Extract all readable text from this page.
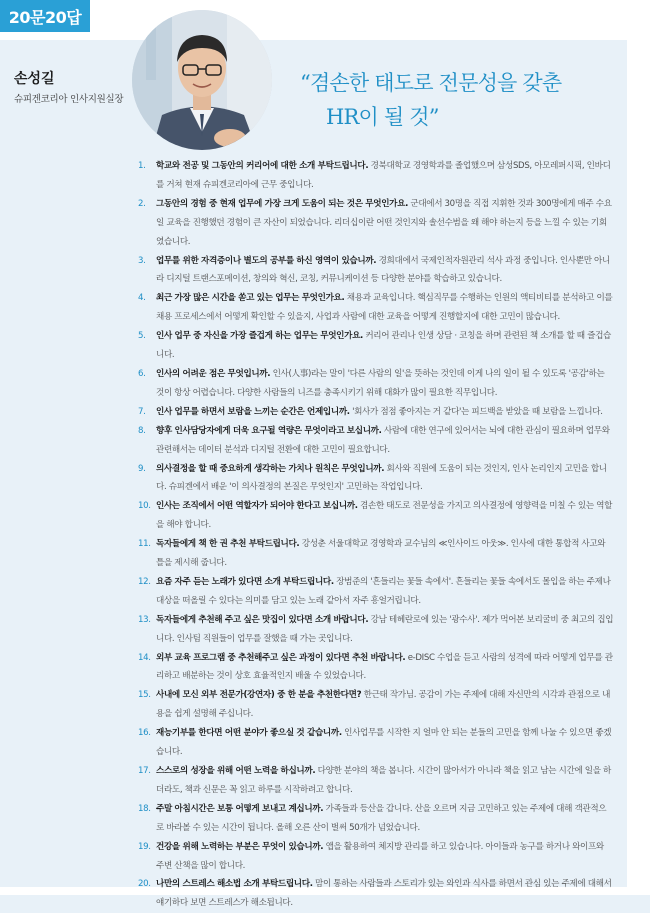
20문20답
손성길
슈피겐코리아 인사지원실장
“겸손한 태도로 전문성을 갖춘
HR이 될 것”
1.	학교와 전공 및 그동안의 커리어에 대한 소개 부탁드립니다. 경북대학교 경영학과를 졸업했으며 삼성SDS, 아모레퍼시픽, 인바디를 거쳐 현재 슈피겐코리아에 근무 중입니다.
2.	그동안의 경험 중 현재 업무에 가장 크게 도움이 되는 것은 무엇인가요. 군대에서 30명을 직접 지휘한 것과 300명에게 매주 수요일 교육을 진행했던 경험이 큰 자산이 되었습니다. 리더십이란 어떤 것인지와 솔선수범을 왜 해야 하는지 등을 느낄 수 있는 기회였습니다.
3.	업무를 위한 자격증이나 별도의 공부를 하신 영역이 있습니까. 경희대에서 국제인적자원관리 석사 과정 중입니다. 인사뿐만 아니라 디지털 트랜스포메이션, 창의와 혁신, 코칭, 커뮤니케이션 등 다양한 분야를 학습하고 있습니다.
4.	최근 가장 많은 시간을 쏟고 있는 업무는 무엇인가요. 채용과 교육입니다. 핵심직무를 수행하는 인원의 액티비티를 분석하고 이를 채용 프로세스에서 어떻게 확인할 수 있을지, 사업과 사람에 대한 교육을 어떻게 진행할지에 대한 고민이 많습니다.
5.	인사 업무 중 자신을 가장 즐겁게 하는 업무는 무엇인가요. 커리어 관리나 인생 상담 · 코칭을 하며 관련된 책 소개를 할 때 즐겁습니다.
6.	인사의 어려운 점은 무엇입니까. 인사(人事)라는 말이 '다른 사람의 일'을 뜻하는 것인데 이게 나의 일이 될 수 있도록 '공감'하는 것이 항상 어렵습니다. 다양한 사람들의 니즈를 충족시키기 위해 대화가 많이 필요한 직무입니다.
7.	인사 업무를 하면서 보람을 느끼는 순간은 언제입니까. '회사가 점점 좋아지는 거 같다'는 피드백을 받았을 때 보람을 느낍니다.
8.	향후 인사담당자에게 더욱 요구될 역량은 무엇이라고 보십니까. 사람에 대한 연구에 있어서는 뇌에 대한 관심이 필요하며 업무와 관련해서는 데이터 분석과 디지털 전환에 대한 고민이 필요합니다.
9.	의사결정을 할 때 중요하게 생각하는 가치나 원칙은 무엇입니까. 회사와 직원에 도움이 되는 것인지, 인사 논리인지 고민을 합니다. 슈피겐에서 배운 '이 의사결정의 본질은 무엇인지' 고민하는 작업입니다.
10. 인사는 조직에서 어떤 역할자가 되어야 한다고 보십니까. 겸손한 태도로 전문성을 가지고 의사결정에 영향력을 미칠 수 있는 역할을 해야 합니다.
11. 독자들에게 책 한 권 추천 부탁드립니다. 강성춘 서울대학교 경영학과 교수님의 ≪인사이드 아웃≫. 인사에 대한 통합적 사고와 틀을 제시해 줍니다.
12. 요즘 자주 듣는 노래가 있다면 소개 부탁드립니다. 장범준의 '흔들리는 꽃들 속에서'. 흔들리는 꽃들 속에서도 몰입을 하는 주제나 대상을 떠올릴 수 있다는 의미를 담고 있는 노래 같아서 자주 흥얼거립니다.
13. 독자들에게 추천해 주고 싶은 맛집이 있다면 소개 바랍니다. 강남 테헤란로에 있는 '광수사'. 제가 먹어본 보리굴비 중 최고의 집입니다. 인사팀 직원들이 업무를 잘했을 때 가는 곳입니다.
14. 외부 교육 프로그램 중 추천해주고 싶은 과정이 있다면 추천 바랍니다. e-DISC 수업을 듣고 사람의 성격에 따라 어떻게 업무를 관리하고 배분하는 것이 상호 효율적인지 배울 수 있었습니다.
15. 사내에 모신 외부 전문가(강연자) 중 한 분을 추천한다면? 한근태 작가님. 공감이 가는 주제에 대해 자신만의 시각과 관점으로 내용을 쉽게 설명해 주십니다.
16. 재능기부를 한다면 어떤 분야가 좋으실 것 같습니까. 인사업무를 시작한 지 얼마 안 되는 분들의 고민을 함께 나눌 수 있으면 좋겠습니다.
17. 스스로의 성장을 위해 어떤 노력을 하십니까. 다양한 분야의 책을 봅니다. 시간이 많아서가 아니라 책을 읽고 남는 시간에 일을 하더라도, 책과 신문은 꼭 읽고 하루를 시작하려고 합니다.
18. 주말 아침시간은 보통 어떻게 보내고 계십니까. 가족들과 등산을 갑니다. 산을 오르며 지금 고민하고 있는 주제에 대해 객관적으로 바라볼 수 있는 시간이 됩니다. 올해 오른 산이 벌써 50개가 넘었습니다.
19. 건강을 위해 노력하는 부분은 무엇이 있습니까. 앱을 활용하여 체지방 관리를 하고 있습니다. 아이들과 농구를 하거나 와이프와 주변 산책을 많이 합니다.
20. 나만의 스트레스 해소법 소개 부탁드립니다. 맘이 통하는 사람들과 스토리가 있는 와인과 식사를 하면서 관심 있는 주제에 대해서 얘기하다 보면 스트레스가 해소됩니다.
